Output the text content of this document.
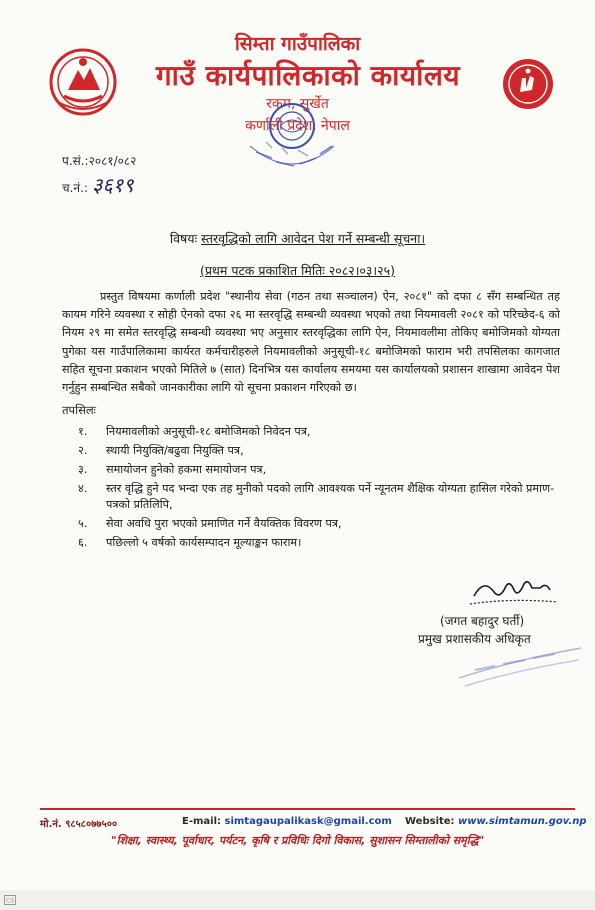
सिम्ता गाउँपालिका
गाउँ कार्यपालिकाको कार्यालय
रकम, सुर्खेत
कर्णाली प्रदेश, नेपाल
प.सं.:२०८१/०८२
च.नं.: ३६१९
विषयः स्तरवृद्धिको लागि आवेदन पेश गर्ने सम्बन्धी सूचना।
(प्रथम पटक प्रकाशित मितिः २०८२।०३।२५)
प्रस्तुत विषयमा कर्णाली प्रदेश "स्थानीय सेवा (गठन तथा सञ्चालन) ऐन, २०८१" को दफा ८ सँग सम्बन्धित तह कायम गरिने व्यवस्था र सोही ऐनको दफा २६ मा स्तरवृद्धि सम्बन्धी व्यवस्था भएको तथा नियमावली २०८१ को परिच्छेद-६ को नियम २९ मा समेत स्तरवृद्धि सम्बन्धी व्यवस्था भए अनुसार स्तरवृद्धिका लागि ऐन, नियमावलीमा तोकिए बमोजिमको योग्यता पुगेका यस गाउँपालिकामा कार्यरत कर्मचारीहरुले नियमावलीको अनुसूची-१८ बमोजिमको फाराम भरी तपसिलका कागजात सहित सूचना प्रकाशन भएको मितिले ७ (सात) दिनभित्र यस कार्यालय समयमा यस कार्यालयको प्रशासन शाखामा आवेदन पेश गर्नुहुन सम्बन्धित सबैको जानकारीका लागि यो सूचना प्रकाशन गरिएको छ।
तपसिलः
१.	नियमावलीको अनुसूची-१८ बमोजिमको निवेदन पत्र,
२.	स्थायी नियुक्ति/बढुवा नियुक्ति पत्र,
३.	समायोजन हुनेको हकमा समायोजन पत्र,
४.	स्तर वृद्धि हुने पद भन्दा एक तह मुनीको पदको लागि आवश्यक पर्ने न्यूनतम शैक्षिक योग्यता हासिल गरेको प्रमाण-पत्रको प्रतिलिपि,
५.	सेवा अवधि पुरा भएको प्रमाणित गर्ने वैयक्तिक विवरण पत्र,
६.	पछिल्लो ५ वर्षको कार्यसम्पादन मूल्याङ्कन फाराम।
(जगत बहादुर घर्ती)
प्रमुख प्रशासकीय अधिकृत
मो.नं. ९८५८०७७५००	E-mail: simtagaupalikask@gmail.com Website: www.simtamun.gov.np
"शिक्षा, स्वास्थ्य, पूर्वाधार, पर्यटन, कृषि र प्रविधिः दिगो विकास, सुशासन सिम्तालीको समृद्धि"
CS
